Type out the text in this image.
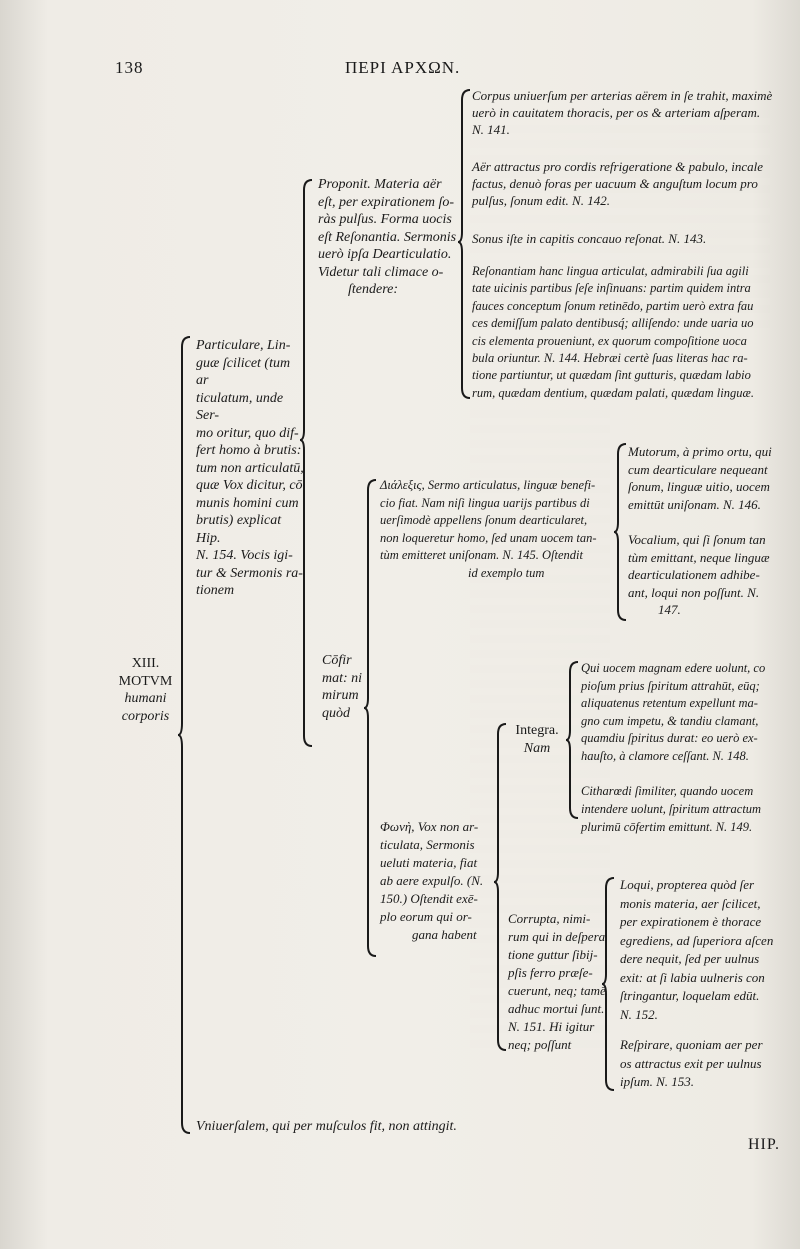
138	ΠΕΡΙ ΑΡΧΩΝ.
XIII.
MOTVM
humani
corporis
Particulare, Lin-
guæ ſcilicet (tum ar
ticulatum, unde Ser-
mo oritur, quo dif-
fert homo à brutis:
tum non articulatū,
quæ Vox dicitur, cō
munis homini cum
brutis) explicat Hip.
N. 154. Vocis igi-
tur & Sermonis ra-
tionem
Vniuerſalem, qui per muſculos fit, non attingit.
Proponit. Materia aër
eſt, per expirationem ſo-
ràs pulſus. Forma uocis
eſt Reſonantia. Sermonis
uerò ipſa Dearticulatio.
Videtur tali climace o-
ſtendere:
Corpus uniuerſum per arterias aërem in ſe trahit, maximè
uerò in cauitatem thoracis, per os & arteriam aſperam.
N. 141.
Aër attractus pro cordis refrigeratione & pabulo, incale
factus, denuò foras per uacuum & anguſtum locum pro
pulſus, ſonum edit. N. 142.
Sonus iſte in capitis concauo reſonat. N. 143.
Reſonantiam hanc lingua articulat, admirabili ſua agili
tate uicinis partibus ſeſe inſinuans: partim quidem intra
fauces conceptum ſonum retinēdo, partim uerò extra fau
ces demiſſum palato dentibusq́; alliſendo: unde uaria uo
cis elementa proueniunt, ex quorum compoſitione uoca
bula oriuntur. N. 144. Hebræi certè ſuas literas hac ra-
tione partiuntur, ut quædam ſint gutturis, quædam labio
rum, quædam dentium, quædam palati, quædam linguæ.
Cōfir
mat: ni
mirum
quòd
Διάλεξις, Sermo articulatus, linguæ benefi-
cio fiat. Nam niſi lingua uarijs partibus di
uerſimodè appellens ſonum dearticularet,
non loqueretur homo, ſed unam uocem tan-
tùm emitteret uniſonam. N. 145. Oſtendit
id exemplo tum
Mutorum, à primo ortu, qui
cum dearticulare nequeant
ſonum, linguæ uitio, uocem
emittūt uniſonam. N. 146.
Vocalium, qui ſi ſonum tan
tùm emittant, neque linguæ
dearticulationem adhibe-
ant, loqui non poſſunt. N.
147.
Φωνὴ, Vox non ar-
ticulata, Sermonis
ueluti materia, fiat
ab aere expulſo. (N.
150.) Oſtendit exē-
plo eorum qui or-
gana habent
Integra.
Nam
Qui uocem magnam edere uolunt, co
pioſum prius ſpiritum attrahūt, eūq;
aliquatenus retentum expellunt ma-
gno cum impetu, & tandiu clamant,
quamdiu ſpiritus durat: eo uerò ex-
hauſto, à clamore ceſſant. N. 148.
Citharœdi ſimiliter, quando uocem
intendere uolunt, ſpiritum attractum
plurimū cōfertim emittunt. N. 149.
Corrupta, nimi-
rum qui in deſpera
tione guttur ſibij-
pſis ferro præſe-
cuerunt, neq; tamē
adhuc mortui ſunt.
N. 151. Hi igitur
neq; poſſunt
Loqui, propterea quòd ſer
monis materia, aer ſcilicet,
per expirationem è thorace
egrediens, ad ſuperiora aſcen
dere nequit, ſed per uulnus
exit: at ſi labia uulneris con
ſtringantur, loquelam edūt.
N. 152.
Reſpirare, quoniam aer per
os attractus exit per uulnus
ipſum. N. 153.
HIP.
